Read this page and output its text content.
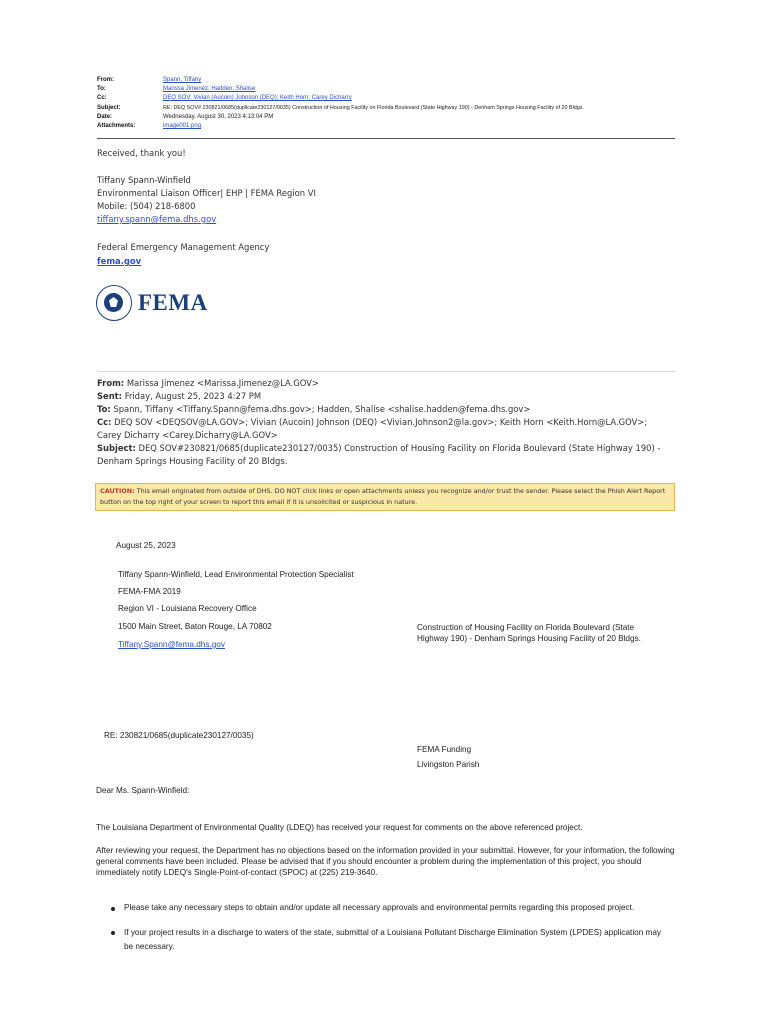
From:	Spann, Tiffany
To:	Marissa Jimenez; Hadden, Shalise
Cc:	DEQ SOV; Vivian (Aucoin) Johnson (DEQ); Keith Horn; Carey Dicharry
Subject:	RE: DEQ SOV# 230821/0685(duplicate230127/0035) Construction of Housing Facility on Florida Boulevard (State Highway 190) - Denham Springs Housing Facility of 20 Bldgs.
Date:	Wednesday, August 30, 2023 4:13:04 PM
Attachments:	image001.png
Received, thank you!

Tiffany Spann-Winfield

Environmental Liaison Officer| EHP | FEMA Region VI

Mobile: (504) 218-6800

tiffany.spann@fema.dhs.gov

Federal Emergency Management Agency
fema.gov
FEMA

From: Marissa Jimenez <Marissa.Jimenez@LA.GOV>

Sent: Friday, August 25, 2023 4:27 PM

To: Spann, Tiffany <Tiffany.Spann@fema.dhs.gov>; Hadden, Shalise <shalise.hadden@fema.dhs.gov>

Cc: DEQ SOV <DEQSOV@LA.GOV>; Vivian (Aucoin) Johnson (DEQ) <Vivian.Johnson2@la.gov>; Keith Horn <Keith.Horn@LA.GOV>; Carey Dicharry <Carey.Dicharry@LA.GOV>

Subject: DEQ SOV#230821/0685(duplicate230127/0035) Construction of Housing Facility on Florida Boulevard (State Highway 190) - Denham Springs Housing Facility of 20 Bldgs.

CAUTION: This email originated from outside of DHS. DO NOT click links or open attachments unless you recognize and/or trust the sender. Please select the Phish Alert Report button on the top right of your screen to report this email if it is unsolicited or suspicious in nature.
August 25, 2023
Tiffany Spann-Winfield, Lead Environmental Protection Specialist
FEMA-FMA 2019
Region VI - Louisiana Recovery Office
1500 Main Street, Baton Rouge, LA 70802
Tiffany.Spann@fema.dhs.gov
Construction of Housing Facility on Florida Boulevard (State Highway 190) - Denham Springs Housing Facility of 20 Bldgs.
RE: 230821/0685(duplicate230127/0035)
FEMA Funding
Livingston Parish
Dear Ms. Spann-Winfield:
The Louisiana Department of Environmental Quality (LDEQ) has received your request for comments on the above referenced project.
After reviewing your request, the Department has no objections based on the information provided in your submittal. However, for your information, the following general comments have been included. Please be advised that if you should encounter a problem during the implementation of this project, you should immediately notify LDEQ's Single-Point-of-contact (SPOC) at (225) 219-3640.
Please take any necessary steps to obtain and/or update all necessary approvals and environmental permits regarding this proposed project.
If your project results in a discharge to waters of the state, submittal of a Louisiana Pollutant Discharge Elimination System (LPDES) application may be necessary.
